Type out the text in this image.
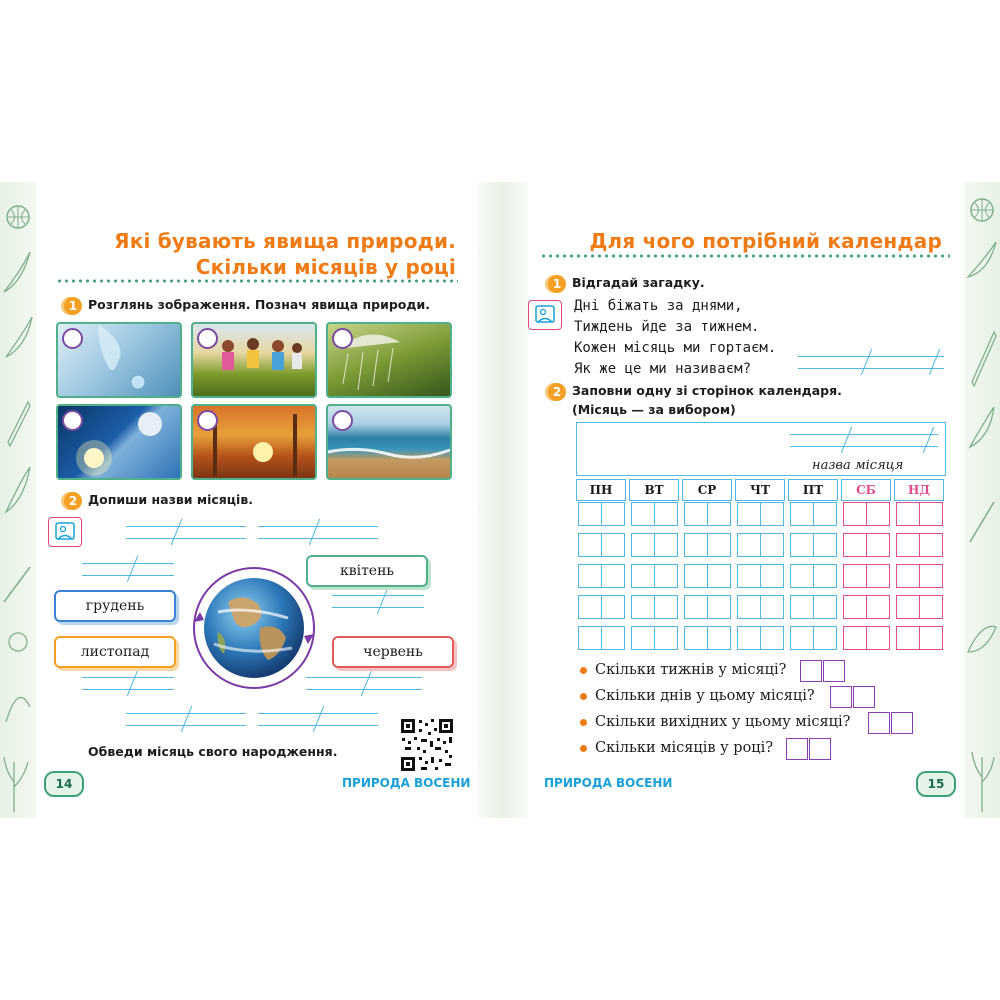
Які бувають явища природи.
Скільки місяців у році
1 Розглянь зображення. Познач явища природи.
2 Допиши назви місяців.
грудень
листопад
квітень
червень
Обведи місяць свого народження.
14	ПРИРОДА ВОСЕНИ
Для чого потрібний календар
1 Відгадай загадку.
Дні біжать за днями,
Тиждень йде за тижнем.
Кожен місяць ми гортаєм.
Як же це ми називаєм?
2 Заповни одну зі сторінок календаря.
(Місяць — за вибором)
назва місяця
ПН	ВТ	СР	ЧТ	ПТ	СБ	НД
Скільки тижнів у місяці?
Скільки днів у цьому місяці?
Скільки вихідних у цьому місяці?
Скільки місяців у році?
ПРИРОДА ВОСЕНИ	15
